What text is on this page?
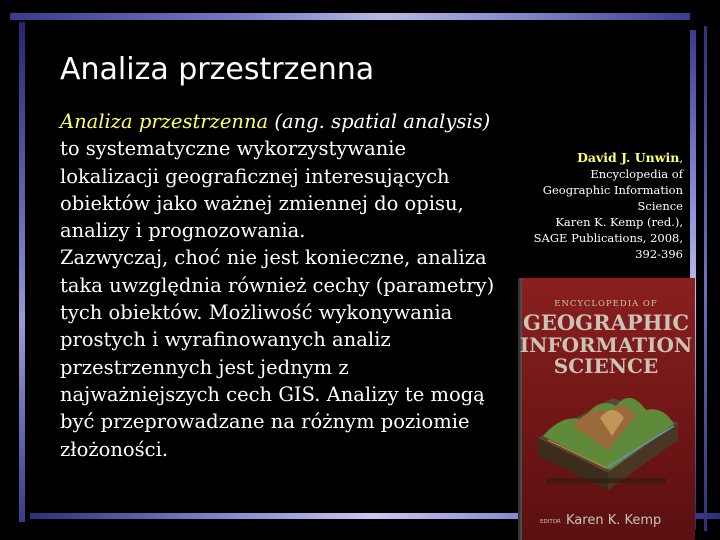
Analiza przestrzenna
Analiza przestrzenna (ang. spatial analysis) to systematyczne wykorzystywanie lokalizacji geograficznej interesujących obiektów jako ważnej zmiennej do opisu, analizy i prognozowania.
Zazwyczaj, choć nie jest konieczne, analiza taka uwzględnia również cechy (parametry) tych obiektów. Możliwość wykonywania prostych i wyrafinowanych analiz przestrzennych jest jednym z najważniejszych cech GIS. Analizy te mogą być przeprowadzane na różnym poziomie złożoności.
David J. Unwin,
Encyclopedia of Geographic Information Science
Karen K. Kemp (red.),
SAGE Publications, 2008,
392-396
ENCYCLOPEDIA OF
GEOGRAPHIC
INFORMATION
SCIENCE
EDITOR Karen K. Kemp
